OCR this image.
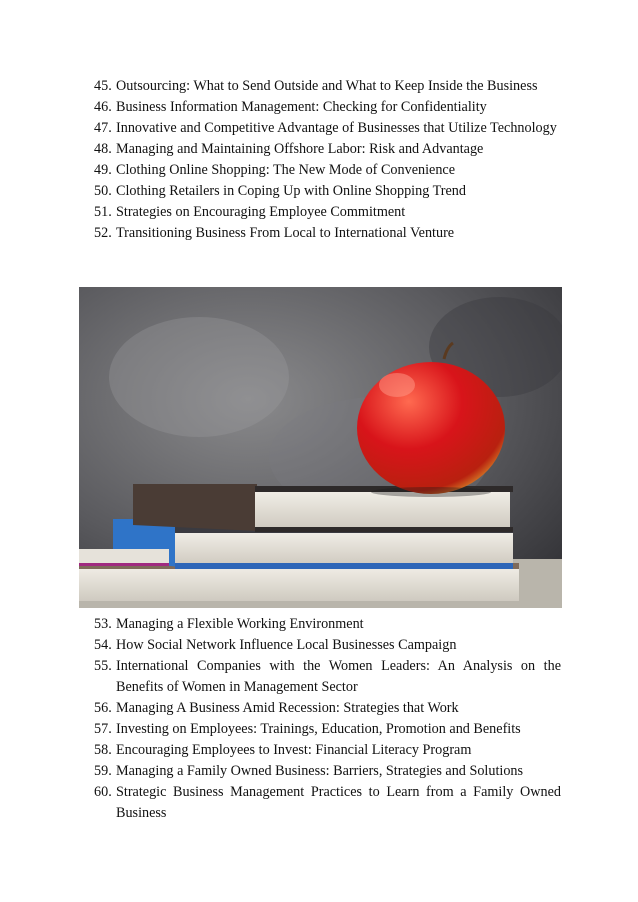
45. Outsourcing: What to Send Outside and What to Keep Inside the Business
46. Business Information Management: Checking for Confidentiality
47. Innovative and Competitive Advantage of Businesses that Utilize Technology
48. Managing and Maintaining Offshore Labor: Risk and Advantage
49. Clothing Online Shopping: The New Mode of Convenience
50. Clothing Retailers in Coping Up with Online Shopping Trend
51. Strategies on Encouraging Employee Commitment
52. Transitioning Business From Local to International Venture
53. Managing a Flexible Working Environment
54. How Social Network Influence Local Businesses Campaign
55. International Companies with the Women Leaders: An Analysis on the Benefits of Women in Management Sector
56. Managing A Business Amid Recession: Strategies that Work
57. Investing on Employees: Trainings, Education, Promotion and Benefits
58. Encouraging Employees to Invest: Financial Literacy Program
59. Managing a Family Owned Business: Barriers, Strategies and Solutions
60. Strategic Business Management Practices to Learn from a Family Owned Business
